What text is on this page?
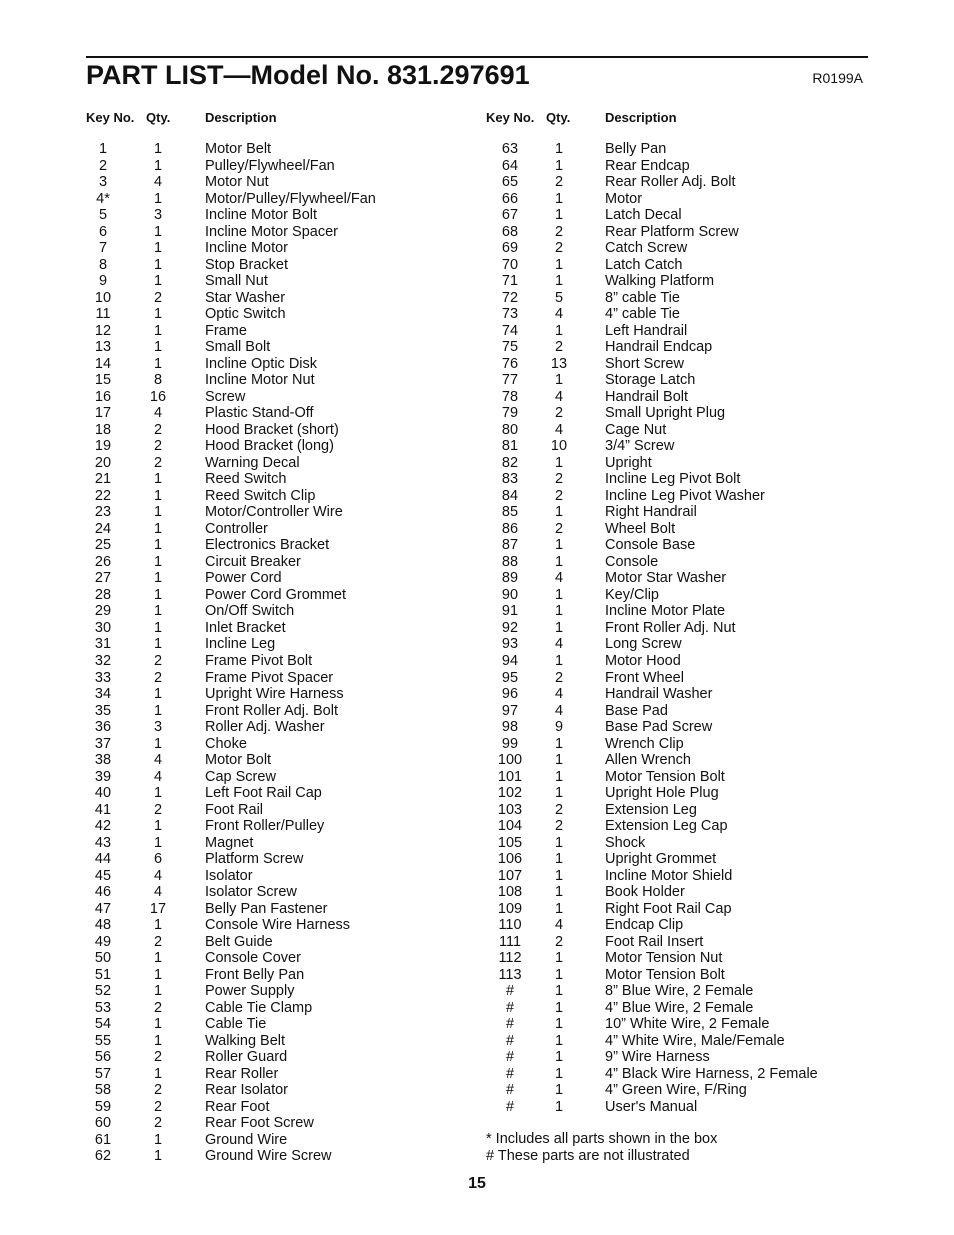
PART LIST—Model No. 831.297691	R0199A
Key No. Qty.	Description
1	1	Motor Belt
2	1	Pulley/Flywheel/Fan
3	4	Motor Nut
4*	1	Motor/Pulley/Flywheel/Fan
5	3	Incline Motor Bolt
6	1	Incline Motor Spacer
7	1	Incline Motor
8	1	Stop Bracket
9	1	Small Nut
10	2	Star Washer
11	1	Optic Switch
12	1	Frame
13	1	Small Bolt
14	1	Incline Optic Disk
15	8	Incline Motor Nut
16	16	Screw
17	4	Plastic Stand-Off
18	2	Hood Bracket (short)
19	2	Hood Bracket (long)
20	2	Warning Decal
21	1	Reed Switch
22	1	Reed Switch Clip
23	1	Motor/Controller Wire
24	1	Controller
25	1	Electronics Bracket
26	1	Circuit Breaker
27	1	Power Cord
28	1	Power Cord Grommet
29	1	On/Off Switch
30	1	Inlet Bracket
31	1	Incline Leg
32	2	Frame Pivot Bolt
33	2	Frame Pivot Spacer
34	1	Upright Wire Harness
35	1	Front Roller Adj. Bolt
36	3	Roller Adj. Washer
37	1	Choke
38	4	Motor Bolt
39	4	Cap Screw
40	1	Left Foot Rail Cap
41	2	Foot Rail
42	1	Front Roller/Pulley
43	1	Magnet
44	6	Platform Screw
45	4	Isolator
46	4	Isolator Screw
47	17	Belly Pan Fastener
48	1	Console Wire Harness
49	2	Belt Guide
50	1	Console Cover
51	1	Front Belly Pan
52	1	Power Supply
53	2	Cable Tie Clamp
54	1	Cable Tie
55	1	Walking Belt
56	2	Roller Guard
57	1	Rear Roller
58	2	Rear Isolator
59	2	Rear Foot
60	2	Rear Foot Screw
61	1	Ground Wire
62	1	Ground Wire Screw
Key No. Qty.	Description
63	1	Belly Pan
64	1	Rear Endcap
65	2	Rear Roller Adj. Bolt
66	1	Motor
67	1	Latch Decal
68	2	Rear Platform Screw
69	2	Catch Screw
70	1	Latch Catch
71	1	Walking Platform
72	5	8” cable Tie
73	4	4” cable Tie
74	1	Left Handrail
75	2	Handrail Endcap
76	13	Short Screw
77	1	Storage Latch
78	4	Handrail Bolt
79	2	Small Upright Plug
80	4	Cage Nut
81	10	3/4” Screw
82	1	Upright
83	2	Incline Leg Pivot Bolt
84	2	Incline Leg Pivot Washer
85	1	Right Handrail
86	2	Wheel Bolt
87	1	Console Base
88	1	Console
89	4	Motor Star Washer
90	1	Key/Clip
91	1	Incline Motor Plate
92	1	Front Roller Adj. Nut
93	4	Long Screw
94	1	Motor Hood
95	2	Front Wheel
96	4	Handrail Washer
97	4	Base Pad
98	9	Base Pad Screw
99	1	Wrench Clip
100	1	Allen Wrench
101	1	Motor Tension Bolt
102	1	Upright Hole Plug
103	2	Extension Leg
104	2	Extension Leg Cap
105	1	Shock
106	1	Upright Grommet
107	1	Incline Motor Shield
108	1	Book Holder
109	1	Right Foot Rail Cap
110	4	Endcap Clip
111	2	Foot Rail Insert
112	1	Motor Tension Nut
113	1	Motor Tension Bolt
#	1	8” Blue Wire, 2 Female
#	1	4” Blue Wire, 2 Female
#	1	10” White Wire, 2 Female
#	1	4” White Wire, Male/Female
#	1	9” Wire Harness
#	1	4” Black Wire Harness, 2 Female
#	1	4” Green Wire, F/Ring
#	1	User's Manual
* Includes all parts shown in the box
# These parts are not illustrated
15
